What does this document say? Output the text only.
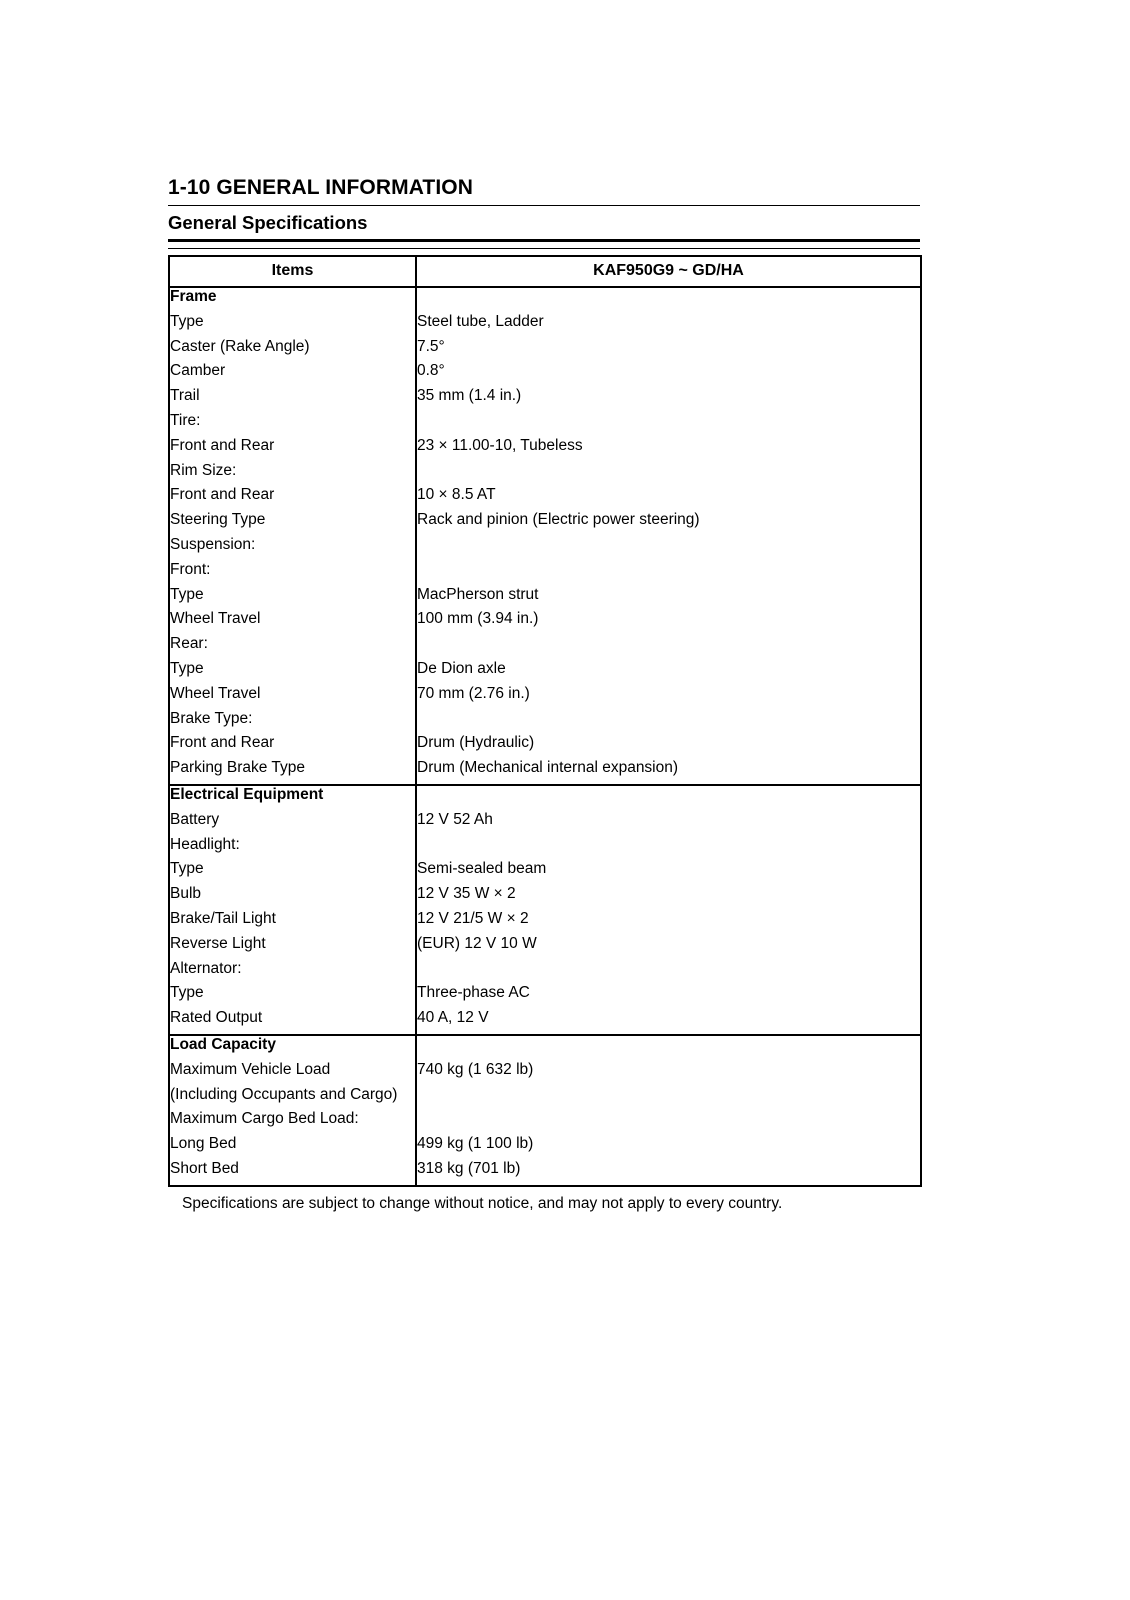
1-10 GENERAL INFORMATION
General Specifications
Items	KAF950G9 ~ GD/HA
Frame	
Type	Steel tube, Ladder
Caster (Rake Angle)	7.5°
Camber	0.8°
Trail	35 mm (1.4 in.)
Tire:	
Front and Rear	23 × 11.00-10, Tubeless
Rim Size:	
Front and Rear	10 × 8.5 AT
Steering Type	Rack and pinion (Electric power steering)
Suspension:	
Front:	
Type	MacPherson strut
Wheel Travel	100 mm (3.94 in.)
Rear:	
Type	De Dion axle
Wheel Travel	70 mm (2.76 in.)
Brake Type:	
Front and Rear	Drum (Hydraulic)
Parking Brake Type	Drum (Mechanical internal expansion)
Electrical Equipment	
Battery	12 V 52 Ah
Headlight:	
Type	Semi-sealed beam
Bulb	12 V 35 W × 2
Brake/Tail Light	12 V 21/5 W × 2
Reverse Light	(EUR) 12 V 10 W
Alternator:	
Type	Three-phase AC
Rated Output	40 A, 12 V
Load Capacity	
Maximum Vehicle Load	740 kg (1 632 lb)
(Including Occupants and Cargo)	
Maximum Cargo Bed Load:	
Long Bed	499 kg (1 100 lb)
Short Bed	318 kg (701 lb)
Specifications are subject to change without notice, and may not apply to every country.
